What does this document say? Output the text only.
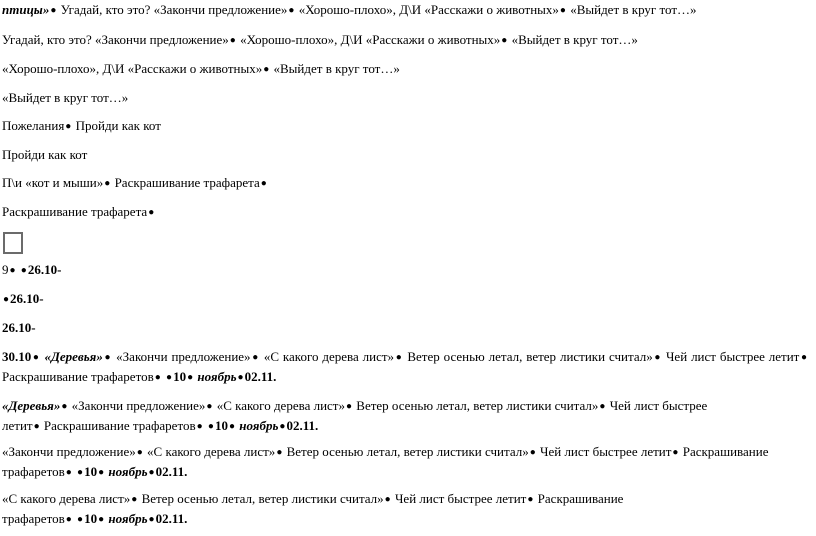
птицы»● Угадай, кто это? «Закончи предложение»● «Хорошо-плохо», Д\И «Расскажи о животных»● «Выйдет в круг тот…»
Угадай, кто это? «Закончи предложение»● «Хорошо-плохо», Д\И «Расскажи о животных»● «Выйдет в круг тот…»
«Хорошо-плохо», Д\И «Расскажи о животных»● «Выйдет в круг тот…»
«Выйдет в круг тот…»
Пожелания● Пройди как кот
Пройди как кот
П\и «кот и мыши»● Раскрашивание трафарета●
Раскрашивание трафарета●
9● ●26.10-
●26.10-
26.10-
30.10● «Деревья»● «Закончи предложение»● «С какого дерева лист»● Ветер осенью летал, ветер листики считал»● Чей лист быстрее летит● Раскрашивание трафаретов● ●10● ноябрь●02.11.
«Деревья»● «Закончи предложение»● «С какого дерева лист»● Ветер осенью летал, ветер листики считал»● Чей лист быстрее
летит● Раскрашивание трафаретов● ●10● ноябрь●02.11.
«Закончи предложение»● «С какого дерева лист»● Ветер осенью летал, ветер листики считал»● Чей лист быстрее летит● Раскрашивание
трафаретов● ●10● ноябрь●02.11.
«С какого дерева лист»● Ветер осенью летал, ветер листики считал»● Чей лист быстрее летит● Раскрашивание
трафаретов● ●10● ноябрь●02.11.
